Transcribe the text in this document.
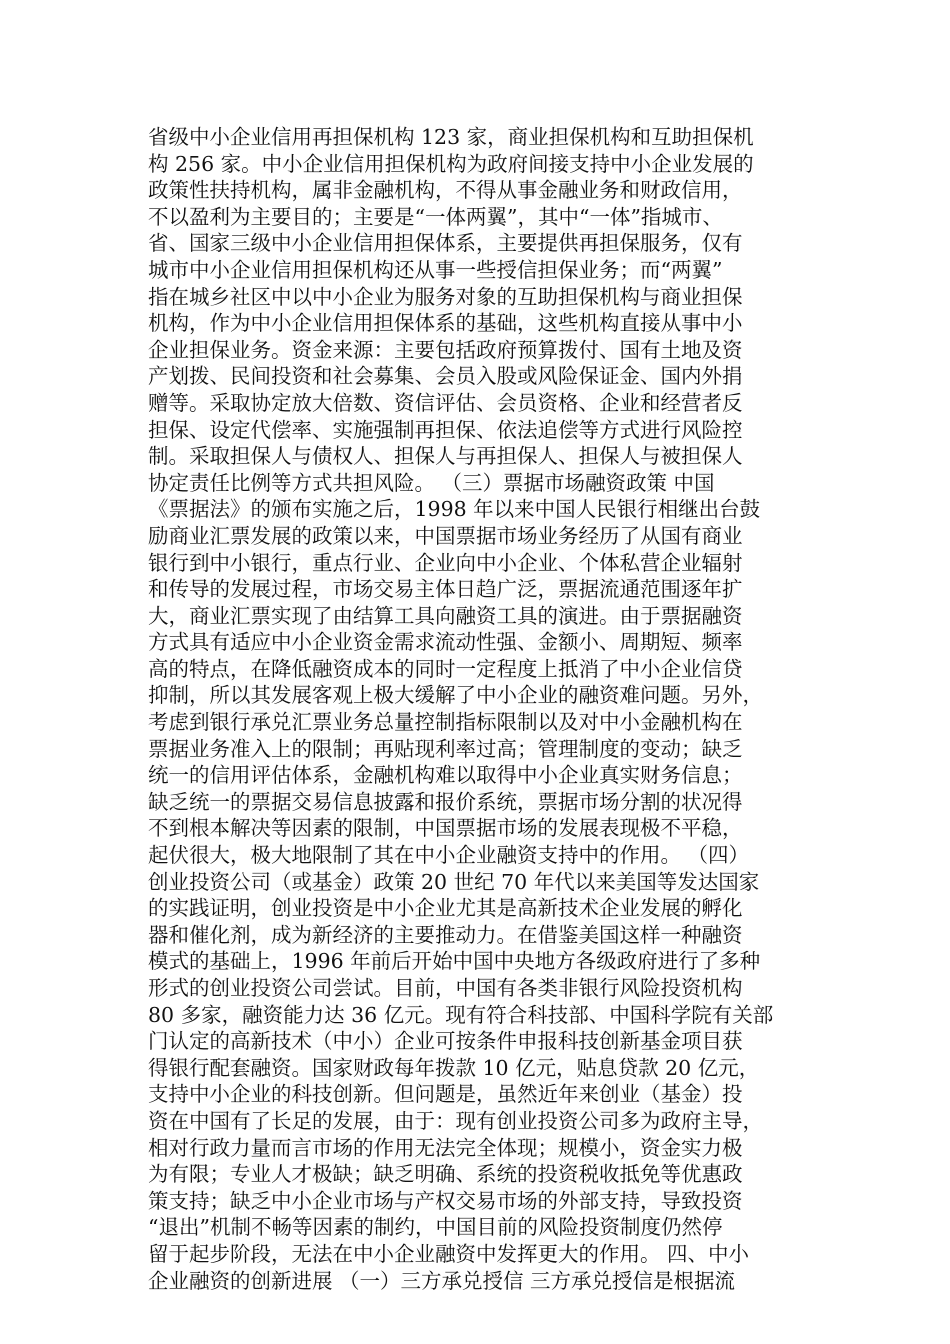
省级中小企业信用再担保机构 123 家，商业担保机构和互助担保机
构 256 家。中小企业信用担保机构为政府间接支持中小企业发展的
政策性扶持机构，属非金融机构，不得从事金融业务和财政信用，
不以盈利为主要目的；主要是“一体两翼”，其中“一体”指城市、
省、国家三级中小企业信用担保体系，主要提供再担保服务，仅有
城市中小企业信用担保机构还从事一些授信担保业务；而“两翼”
指在城乡社区中以中小企业为服务对象的互助担保机构与商业担保
机构，作为中小企业信用担保体系的基础，这些机构直接从事中小
企业担保业务。资金来源：主要包括政府预算拨付、国有土地及资
产划拨、民间投资和社会募集、会员入股或风险保证金、国内外捐
赠等。采取协定放大倍数、资信评估、会员资格、企业和经营者反
担保、设定代偿率、实施强制再担保、依法追偿等方式进行风险控
制。采取担保人与债权人、担保人与再担保人、担保人与被担保人
协定责任比例等方式共担风险。 （三）票据市场融资政策 中国
《票据法》的颁布实施之后，1998 年以来中国人民银行相继出台鼓
励商业汇票发展的政策以来，中国票据市场业务经历了从国有商业
银行到中小银行，重点行业、企业向中小企业、个体私营企业辐射
和传导的发展过程，市场交易主体日趋广泛，票据流通范围逐年扩
大，商业汇票实现了由结算工具向融资工具的演进。由于票据融资
方式具有适应中小企业资金需求流动性强、金额小、周期短、频率
高的特点，在降低融资成本的同时一定程度上抵消了中小企业信贷
抑制，所以其发展客观上极大缓解了中小企业的融资难问题。另外，
考虑到银行承兑汇票业务总量控制指标限制以及对中小金融机构在
票据业务准入上的限制；再贴现利率过高；管理制度的变动；缺乏
统一的信用评估体系，金融机构难以取得中小企业真实财务信息；
缺乏统一的票据交易信息披露和报价系统，票据市场分割的状况得
不到根本解决等因素的限制，中国票据市场的发展表现极不平稳，
起伏很大，极大地限制了其在中小企业融资支持中的作用。 （四）
创业投资公司（或基金）政策 20 世纪 70 年代以来美国等发达国家
的实践证明，创业投资是中小企业尤其是高新技术企业发展的孵化
器和催化剂，成为新经济的主要推动力。在借鉴美国这样一种融资
模式的基础上，1996 年前后开始中国中央地方各级政府进行了多种
形式的创业投资公司尝试。目前，中国有各类非银行风险投资机构
80 多家，融资能力达 36 亿元。现有符合科技部、中国科学院有关部
门认定的高新技术（中小）企业可按条件申报科技创新基金项目获
得银行配套融资。国家财政每年拨款 10 亿元，贴息贷款 20 亿元，
支持中小企业的科技创新。但问题是，虽然近年来创业（基金）投
资在中国有了长足的发展，由于：现有创业投资公司多为政府主导，
相对行政力量而言市场的作用无法完全体现；规模小，资金实力极
为有限；专业人才极缺；缺乏明确、系统的投资税收抵免等优惠政
策支持；缺乏中小企业市场与产权交易市场的外部支持，导致投资
“退出”机制不畅等因素的制约，中国目前的风险投资制度仍然停
留于起步阶段，无法在中小企业融资中发挥更大的作用。 四、中小
企业融资的创新进展 （一）三方承兑授信 三方承兑授信是根据流
